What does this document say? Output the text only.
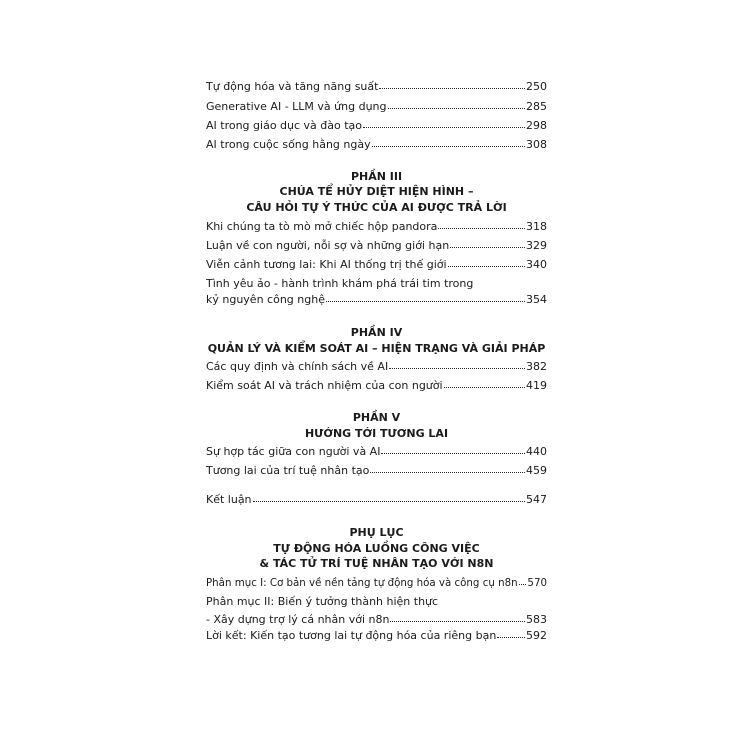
Tự động hóa và tăng năng suất	250
Generative AI - LLM và ứng dụng	285
AI trong giáo dục và đào tạo	298
AI trong cuộc sống hằng ngày	308
PHẦN III
CHÚA TỂ HỦY DIỆT HIỆN HÌNH –
CÂU HỎI TỰ Ý THỨC CỦA AI ĐƯỢC TRẢ LỜI
Khi chúng ta tò mò mở chiếc hộp pandora	318
Luận về con người, nỗi sợ và những giới hạn	329
Viễn cảnh tương lai: Khi AI thống trị thế giới	340
Tình yêu ảo - hành trình khám phá trái tim trong
kỷ nguyên công nghệ	354
PHẦN IV
QUẢN LÝ VÀ KIỂM SOÁT AI – HIỆN TRẠNG VÀ GIẢI PHÁP
Các quy định và chính sách về AI	382
Kiểm soát AI và trách nhiệm của con người	419
PHẦN V
HƯỚNG TỚI TƯƠNG LAI
Sự hợp tác giữa con người và AI	440
Tương lai của trí tuệ nhân tạo	459
Kết luận	547
PHỤ LỤC
TỰ ĐỘNG HÓA LUỒNG CÔNG VIỆC
& TÁC TỬ TRÍ TUỆ NHÂN TẠO VỚI N8N
Phân mục I: Cơ bản về nền tảng tự động hóa và công cụ n8n 570
Phân mục II: Biến ý tưởng thành hiện thực
- Xây dựng trợ lý cá nhân với n8n	583
Lời kết: Kiến tạo tương lai tự động hóa của riêng bạn	592
